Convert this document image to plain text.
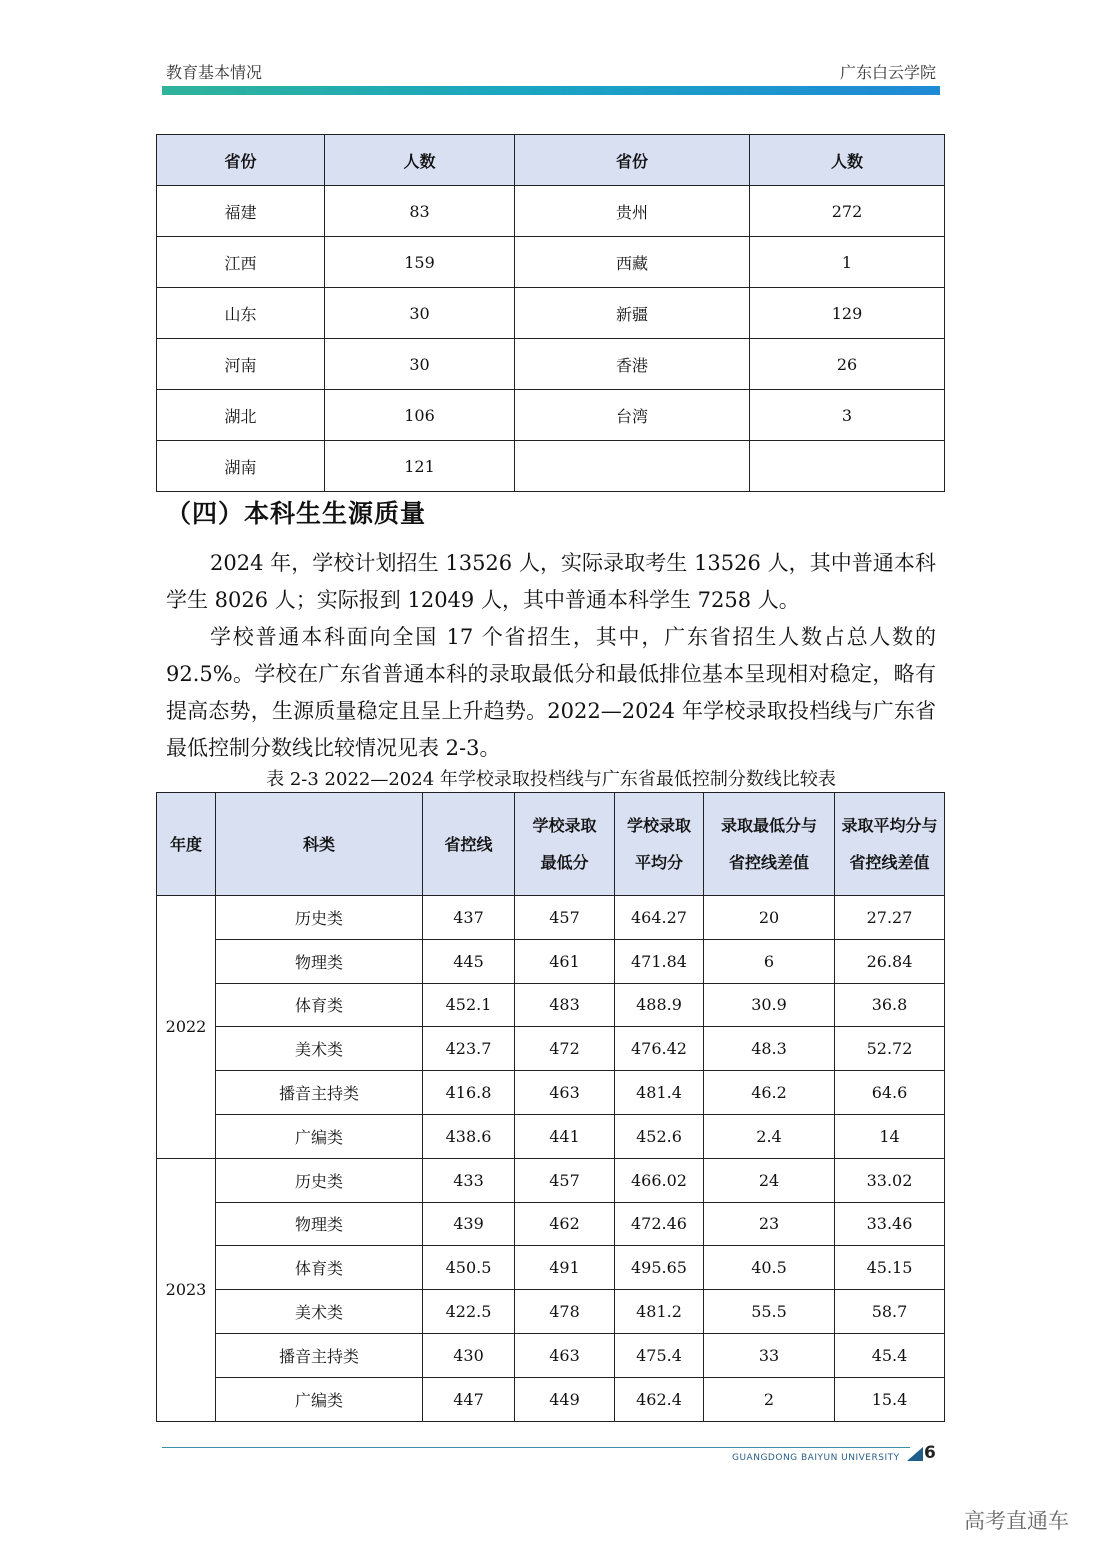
教育基本情况	广东白云学院
省份	人数	省份	人数
福建	83	贵州	272
江西	159	西藏	1
山东	30	新疆	129
河南	30	香港	26
湖北	106	台湾	3
湖南	121		
（四）本科生生源质量

2024 年，学校计划招生 13526 人，实际录取考生 13526 人，其中普通本科学生 8026 人；实际报到 12049 人，其中普通本科学生 7258 人。

学校普通本科面向全国 17 个省招生，其中，广东省招生人数占总人数的 92.5%。学校在广东省普通本科的录取最低分和最低排位基本呈现相对稳定，略有提高态势，生源质量稳定且呈上升趋势。2022—2024 年学校录取投档线与广东省最低控制分数线比较情况见表 2-3。

表 2-3 2022—2024 年学校录取投档线与广东省最低控制分数线比较表
年度	科类	省控线	学校录取最低分	学校录取平均分	录取最低分与省控线差值	录取平均分与省控线差值
2022	历史类	437	457	464.27	20	27.27
	物理类	445	461	471.84	6	26.84
	体育类	452.1	483	488.9	30.9	36.8
	美术类	423.7	472	476.42	48.3	52.72
	播音主持类	416.8	463	481.4	46.2	64.6
	广编类	438.6	441	452.6	2.4	14
2023	历史类	433	457	466.02	24	33.02
	物理类	439	462	472.46	23	33.46
	体育类	450.5	491	495.65	40.5	45.15
	美术类	422.5	478	481.2	55.5	58.7
	播音主持类	430	463	475.4	33	45.4
	广编类	447	449	462.4	2	15.4
GUANGDONG BAIYUN UNIVERSITY 6
高考直通车
